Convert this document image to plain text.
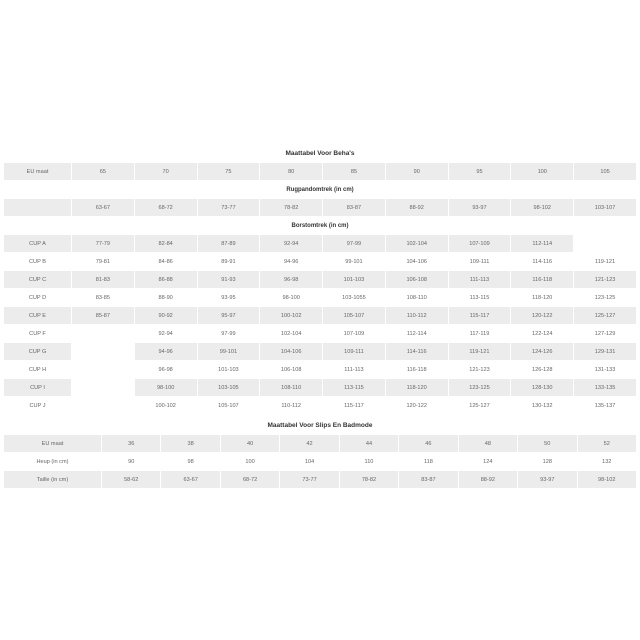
Maattabel Voor Beha's
EU maat	65	70	75	80	85	90	95	100	105
Rugpandomtrek (in cm)									
	63-67	68-72	73-77	78-82	83-87	88-92	93-97	98-102	103-107
Borstomtrek (in cm)									
CUP A	77-79	82-84	87-89	92-94	97-99	102-104	107-109	112-114	
CUP B	79-81	84-86	89-91	94-96	99-101	104-106	109-111	114-116	119-121
CUP C	81-83	86-88	91-93	96-98	101-103	106-108	111-113	116-118	121-123
CUP D	83-85	88-90	93-95	98-100	103-1055	108-110	113-115	118-120	123-125
CUP E	85-87	90-92	95-97	100-102	105-107	110-112	115-117	120-122	125-127
CUP F		92-94	97-99	102-104	107-109	112-114	117-119	122-124	127-129
CUP G		94-96	99-101	104-106	109-111	114-116	119-121	124-126	129-131
CUP H		96-98	101-103	106-108	111-113	116-118	121-123	126-128	131-133
CUP I		98-100	103-105	108-110	113-115	118-120	123-125	128-130	133-135
CUP J		100-102	105-107	110-112	115-117	120-122	125-127	130-132	135-137
Maattabel Voor Slips En Badmode
EU maat	36	38	40	42	44	46	48	50	52
Heup (in cm)	90	98	100	104	110	118	124	128	132
Taille (in cm)	58-62	63-67	68-72	73-77	78-82	83-87	88-92	93-97	98-102
